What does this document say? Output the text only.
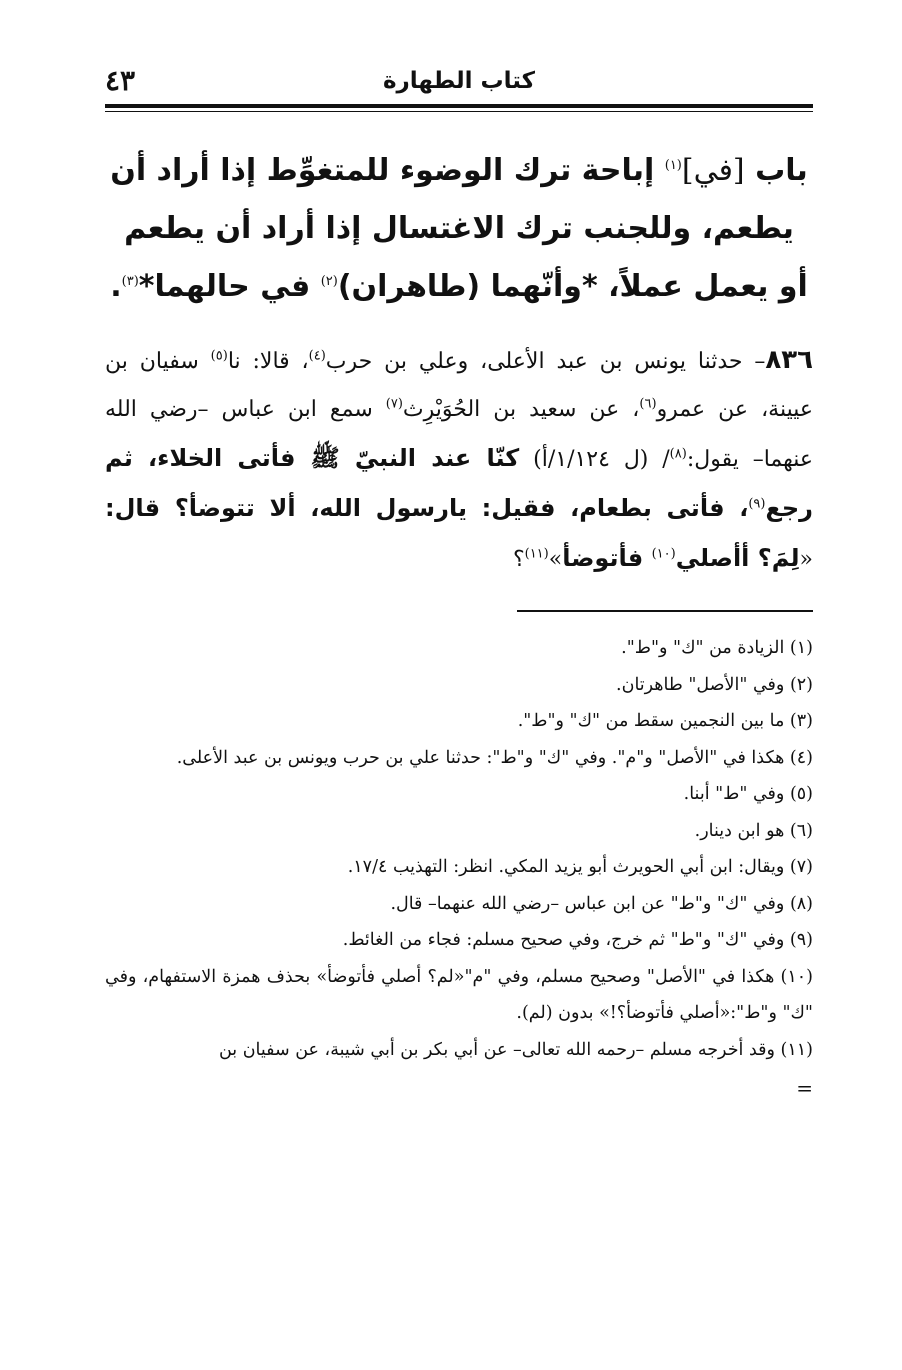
كتاب الطهارة
٤٣
باب [في]$^{(١)}$ إباحة ترك الوضوء للمتغوِّط إذا أراد أن يطعم، وللجنب ترك الاغتسال إذا أراد أن يطعم أو يعمل عملاً، *وأنّهما (طاهران)$^{(٢)}$ في حالهما*$^{(٣)}$.
٨٣٦– حدثنا يونس بن عبد الأعلى، وعلي بن حرب$^{(٤)}$، قالا: نا$^{(٥)}$ سفيان بن عيينة، عن عمرو$^{(٦)}$، عن سعيد بن الحُوَيْرِث$^{(٧)}$ سمع ابن عباس –رضي الله عنهما– يقول:$^{(٨)}$/ (ل ١/١٢٤/أ) كنّا عند النبيّ ﷺ فأتى الخلاء، ثم رجع$^{(٩)}$، فأتى بطعام، فقيل: يارسول الله، ألا تتوضأ؟ قال: «لِمَ؟ أأصلي$^{(١٠)}$ فأتوضأ»$^{(١١)}$؟
(١) الزيادة من "ك" و"ط".
(٢) وفي "الأصل" طاهرتان.
(٣) ما بين النجمين سقط من "ك" و"ط".
(٤) هكذا في "الأصل" و"م". وفي "ك" و"ط": حدثنا علي بن حرب ويونس بن عبد الأعلى.
(٥) وفي "ط" أبنا.
(٦) هو ابن دينار.
(٧) ويقال: ابن أبي الحويرث أبو يزيد المكي. انظر: التهذيب ١٧/٤.
(٨) وفي "ك" و"ط" عن ابن عباس –رضي الله عنهما– قال.
(٩) وفي "ك" و"ط" ثم خرج، وفي صحيح مسلم: فجاء من الغائط.
(١٠) هكذا في "الأصل" وصحيح مسلم، وفي "م"«لم؟ أصلي فأتوضأ» بحذف همزة الاستفهام، وفي "ك" و"ط":«أصلي فأتوضأ؟!» بدون (لم).
(١١) وقد أخرجه مسلم –رحمه الله تعالى– عن أبي بكر بن أبي شيبة، عن سفيان بن
=
